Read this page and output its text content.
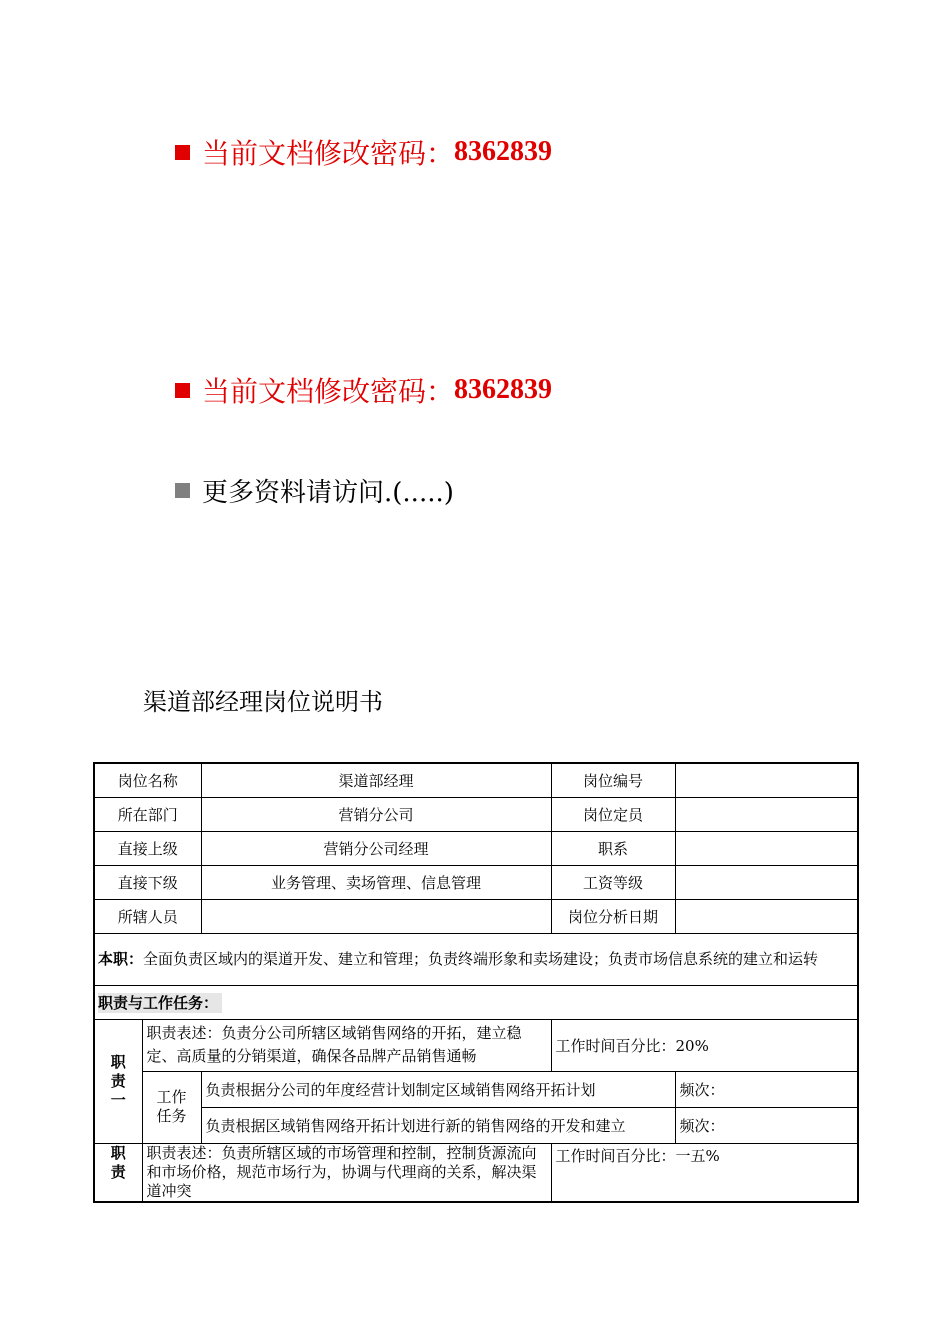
当前文档修改密码： 8362839
当前文档修改密码： 8362839
更多资料请访问.(.....)
渠道部经理岗位说明书
岗位名称		渠道部经理	岗位编号	
所在部门		营销分公司	岗位定员	
直接上级		营销分公司经理	职系	
直接下级		业务管理、卖场管理、信息管理	工资等级	
所辖人员			岗位分析日期	
本职：全面负责区域内的渠道开发、建立和管理；负责终端形象和卖场建设；负责市场信息系统的建立和运转				
职责与工作任务：				

职责一	职责表述：负责分公司所辖区域销售网络的开拓，建立稳定、高质量的分销渠道，确保各品牌产品销售通畅		工作时间百分比：20%	

	工作任务	负责根据分公司的年度经营计划制定区域销售网络开拓计划		频次：
		负责根据区域销售网络开拓计划进行新的销售网络的开发和建立		频次：

职责	职责表述：负责所辖区域的市场管理和控制，控制货源流向和市场价格，规范市场行为，协调与代理商的关系，解决渠道冲突		工作时间百分比：一五%	
